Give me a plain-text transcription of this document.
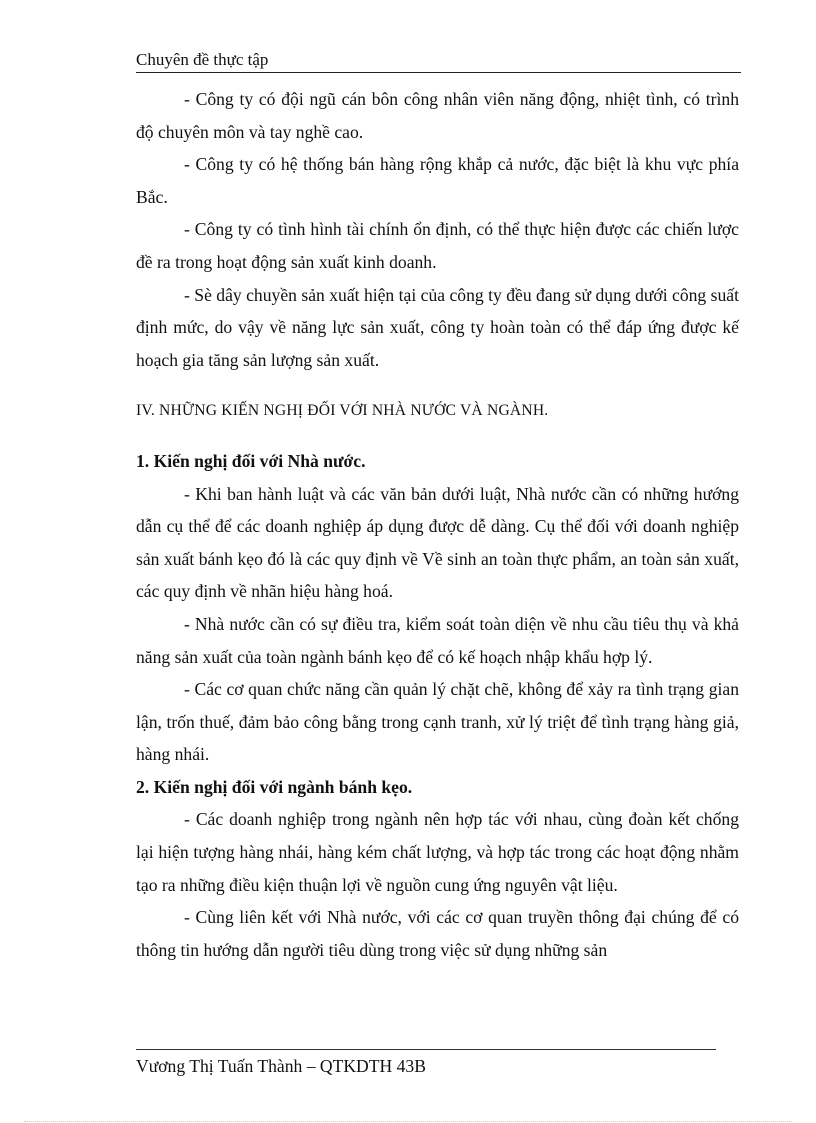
Chuyên đề thực tập

- Công ty có đội ngũ cán bôn công nhân viên năng động, nhiệt tình, có trình độ chuyên môn và tay nghề cao.

- Công ty có hệ thống bán hàng rộng khắp cả nước, đặc biệt là khu vực phía Bắc.

- Công ty có tình hình tài chính ổn định, có thể thực hiện được các chiến lược đề ra trong hoạt động sản xuất kinh doanh.

- Sè dây chuyền sản xuất hiện tại của công ty đều đang sử dụng dưới công suất định mức, do vậy về năng lực sản xuất, công ty hoàn toàn có thể đáp ứng được kế hoạch gia tăng sản lượng sản xuất.

IV. NHỮNG KIẾN NGHỊ ĐỐI VỚI NHÀ NƯỚC VÀ NGÀNH.

1. Kiến nghị đối với Nhà nước.

- Khi ban hành luật và các văn bản dưới luật, Nhà nước cần có những hướng dẫn cụ thể để các doanh nghiệp áp dụng được dễ dàng. Cụ thể đối với doanh nghiệp sản xuất bánh kẹo đó là các quy định về Về sinh an toàn thực phẩm, an toàn sản xuất, các quy định về nhãn hiệu hàng hoá.

- Nhà nước cần có sự điều tra, kiểm soát toàn diện về nhu cầu tiêu thụ và khả năng sản xuất của toàn ngành bánh kẹo để có kế hoạch nhập khẩu hợp lý.

- Các cơ quan chức năng cần quản lý chặt chẽ, không để xảy ra tình trạng gian lận, trốn thuế, đảm bảo công bằng trong cạnh tranh, xử lý triệt để tình trạng hàng giả, hàng nhái.

2. Kiến nghị đối với ngành bánh kẹo.

- Các doanh nghiệp trong ngành nên hợp tác với nhau, cùng đoàn kết chống lại hiện tượng hàng nhái, hàng kém chất lượng, và hợp tác trong các hoạt động nhằm tạo ra những điều kiện thuận lợi về nguồn cung ứng nguyên vật liệu.

- Cùng liên kết với Nhà nước, với các cơ quan truyền thông đại chúng để có thông tin hướng dẫn người tiêu dùng trong việc sử dụng những sản

Vương Thị Tuấn Thành – QTKDTH 43B
